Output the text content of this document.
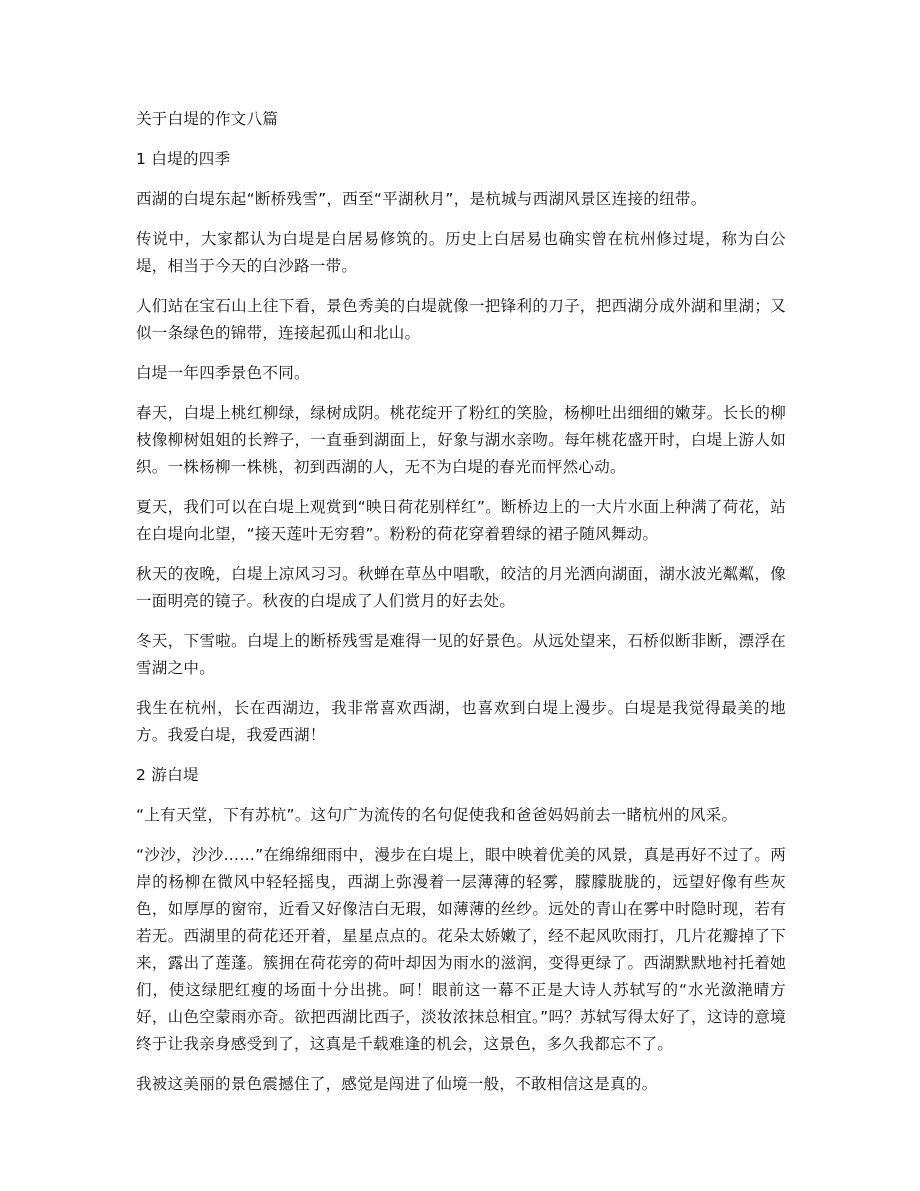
关于白堤的作文八篇

1 白堤的四季

西湖的白堤东起“断桥残雪”，西至“平湖秋月”，是杭城与西湖风景区连接的纽带。

传说中，大家都认为白堤是白居易修筑的。历史上白居易也确实曾在杭州修过堤，称为白公堤，相当于今天的白沙路一带。

人们站在宝石山上往下看，景色秀美的白堤就像一把锋利的刀子，把西湖分成外湖和里湖；又似一条绿色的锦带，连接起孤山和北山。

白堤一年四季景色不同。

春天，白堤上桃红柳绿，绿树成阴。桃花绽开了粉红的笑脸，杨柳吐出细细的嫩芽。长长的柳枝像柳树姐姐的长辫子，一直垂到湖面上，好象与湖水亲吻。每年桃花盛开时，白堤上游人如织。一株杨柳一株桃，初到西湖的人，无不为白堤的春光而怦然心动。

夏天，我们可以在白堤上观赏到“映日荷花别样红”。断桥边上的一大片水面上种满了荷花，站在白堤向北望，“接天莲叶无穷碧”。粉粉的荷花穿着碧绿的裙子随风舞动。

秋天的夜晚，白堤上凉风习习。秋蝉在草丛中唱歌，皎洁的月光洒向湖面，湖水波光粼粼，像一面明亮的镜子。秋夜的白堤成了人们赏月的好去处。

冬天，下雪啦。白堤上的断桥残雪是难得一见的好景色。从远处望来，石桥似断非断，漂浮在雪湖之中。

我生在杭州，长在西湖边，我非常喜欢西湖，也喜欢到白堤上漫步。白堤是我觉得最美的地方。我爱白堤，我爱西湖！

2 游白堤

“上有天堂，下有苏杭”。这句广为流传的名句促使我和爸爸妈妈前去一睹杭州的风采。

“沙沙，沙沙……”在绵绵细雨中，漫步在白堤上，眼中映着优美的风景，真是再好不过了。两岸的杨柳在微风中轻轻摇曳，西湖上弥漫着一层薄薄的轻雾，朦朦胧胧的，远望好像有些灰色，如厚厚的窗帘，近看又好像洁白无瑕，如薄薄的丝纱。远处的青山在雾中时隐时现，若有若无。西湖里的荷花还开着，星星点点的。花朵太娇嫩了，经不起风吹雨打，几片花瓣掉了下来，露出了莲蓬。簇拥在荷花旁的荷叶却因为雨水的滋润，变得更绿了。西湖默默地衬托着她们，使这绿肥红瘦的场面十分出挑。呵！眼前这一幕不正是大诗人苏轼写的“水光潋滟晴方好，山色空蒙雨亦奇。欲把西湖比西子，淡妆浓抹总相宜。”吗？苏轼写得太好了，这诗的意境终于让我亲身感受到了，这真是千载难逢的机会，这景色，多久我都忘不了。

我被这美丽的景色震撼住了，感觉是闯进了仙境一般，不敢相信这是真的。
